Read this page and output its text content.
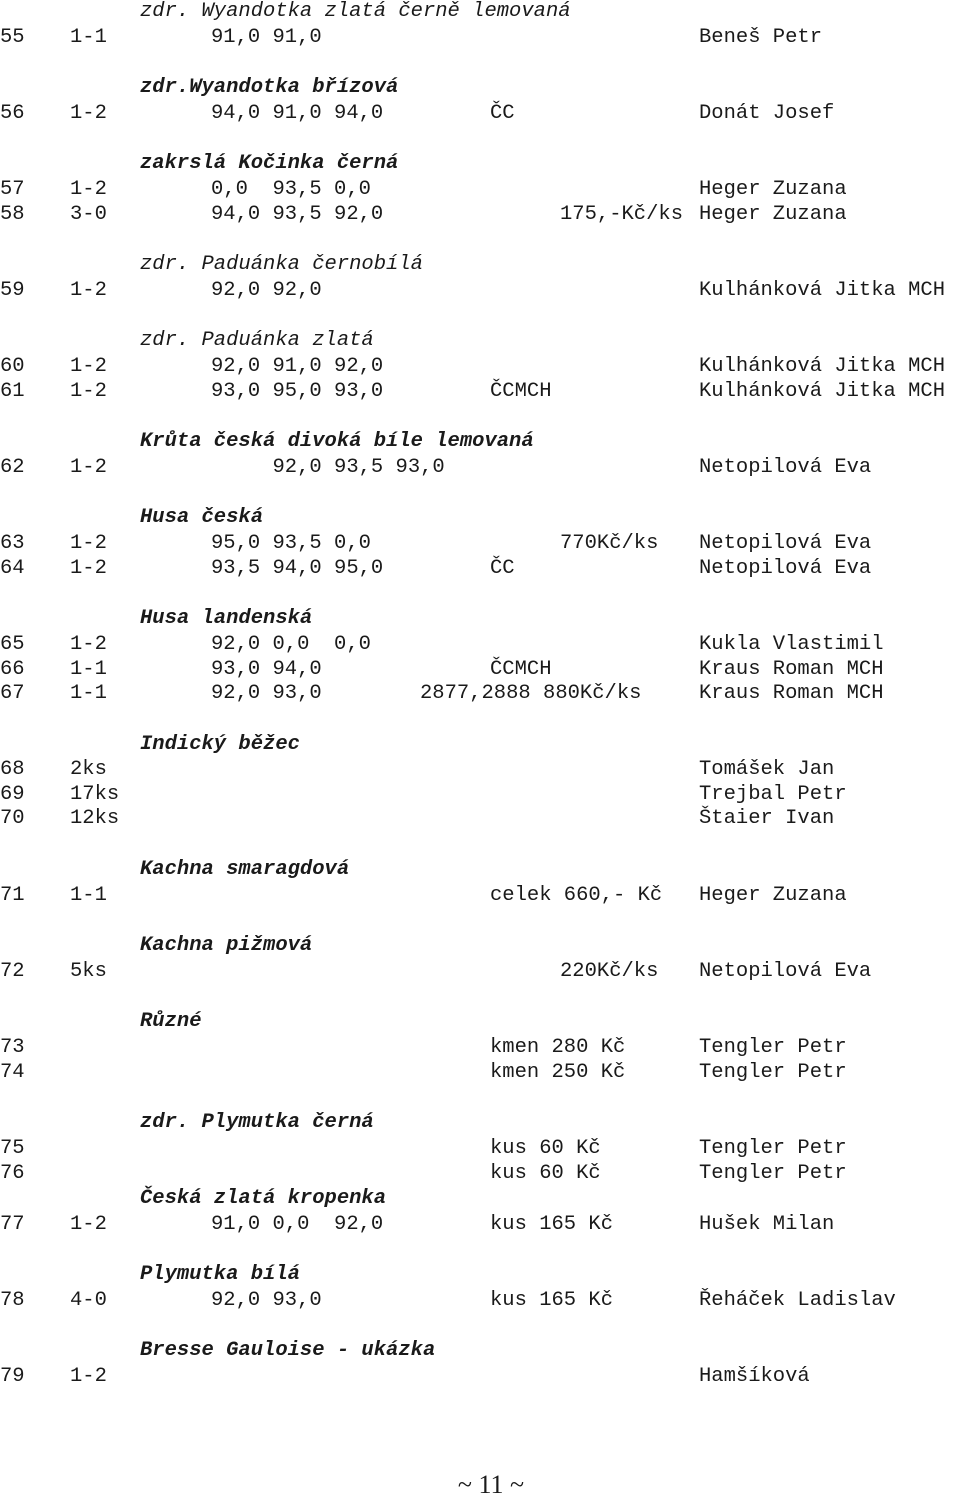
zdr. Wyandotka zlatá černě lemovaná
55 1-1	91,0 91,0	Beneš Petr
zdr.Wyandotka břízová
56 1-2	94,0 91,0 94,0	ČC	Donát Josef
zakrslá Kočinka černá
57 1-2	0,0  93,5 0,0	Heger Zuzana
58 3-0	94,0 93,5 92,0	175,-Kč/ks Heger Zuzana
zdr. Paduánka černobílá
59 1-2	92,0 92,0	Kulhánková Jitka MCH
zdr. Paduánka zlatá
60 1-2	92,0 91,0 92,0	Kulhánková Jitka MCH
61 1-2	93,0 95,0 93,0	ČCMCH	Kulhánková Jitka MCH
Krůta česká divoká bíle lemovaná
62 1-2	92,0 93,5 93,0	Netopilová Eva
Husa česká
63 1-2	95,0 93,5 0,0	770Kč/ks Netopilová Eva
64 1-2	93,5 94,0 95,0	ČC	Netopilová Eva
Husa landenská
65 1-2	92,0 0,0  0,0	Kukla Vlastimil
66 1-1	93,0 94,0	ČCMCH	Kraus Roman MCH
67 1-1	92,0 93,0	2877,2888 880Kč/ks	Kraus Roman MCH
Indický běžec
68 2ks	Tomášek Jan
69 17ks	Trejbal Petr
70 12ks	Štaier Ivan
Kachna smaragdová
71 1-1	celek 660,- Kč Heger Zuzana
Kachna pižmová
72 5ks	220Kč/ks Netopilová Eva
Různé
73	kmen 280 Kč	Tengler Petr
74	kmen 250 Kč	Tengler Petr
zdr. Plymutka černá
75	kus 60 Kč	Tengler Petr
76	kus 60 Kč	Tengler Petr
Česká zlatá kropenka
77 1-2	91,0 0,0  92,0	kus 165 Kč	Hušek Milan
Plymutka bílá
78 4-0	92,0 93,0	kus 165 Kč	Řeháček Ladislav
Bresse Gauloise - ukázka
79 1-2	Hamšíková
~ 11 ~
